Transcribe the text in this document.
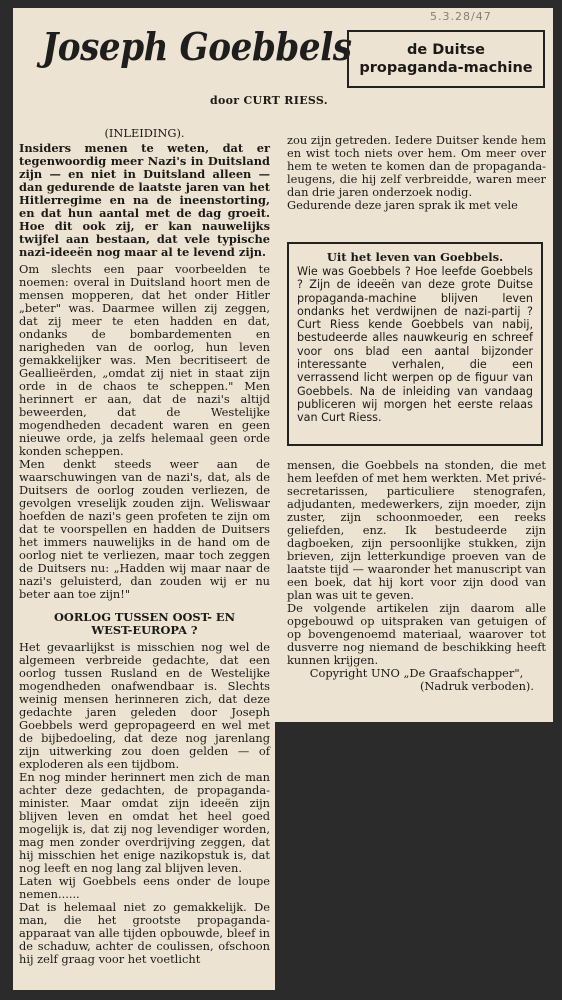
5.3.28/47
Joseph Goebbels	de Duitse
propaganda-machine
door CURT RIESS.

(INLEIDING).

Insiders menen te weten, dat er tegenwoordig meer Nazi's in Duitsland zijn — en niet in Duitsland alleen — dan gedurende de laatste jaren van het Hitlerregime en na de ineenstorting, en dat hun aantal met de dag groeit. Hoe dit ook zij, er kan nauwelijks twijfel aan bestaan, dat vele typische nazi-ideeën nog maar al te levend zijn.

Om slechts een paar voorbeelden te noemen: overal in Duitsland hoort men de mensen mopperen, dat het onder Hitler „beter" was. Daarmee willen zij zeggen, dat zij meer te eten hadden en dat, ondanks de bombardementen en narigheden van de oorlog, hun leven gemakkelijker was. Men becritiseert de Geallieërden, „omdat zij niet in staat zijn orde in de chaos te scheppen." Men herinnert er aan, dat de nazi's altijd beweerden, dat de Westelijke mogendheden decadent waren en geen nieuwe orde, ja zelfs helemaal geen orde konden scheppen.

Men denkt steeds weer aan de waarschuwingen van de nazi's, dat, als de Duitsers de oorlog zouden verliezen, de gevolgen vreselijk zouden zijn. Weliswaar hoefden de nazi's geen profeten te zijn om dat te voorspellen en hadden de Duitsers het immers nauwelijks in de hand om de oorlog niet te verliezen, maar toch zeggen de Duitsers nu: „Hadden wij maar naar de nazi's geluisterd, dan zouden wij er nu beter aan toe zijn!"

OORLOG TUSSEN OOST- EN
WEST-EUROPA ?

Het gevaarlijkst is misschien nog wel de algemeen verbreide gedachte, dat een oorlog tussen Rusland en de Westelijke mogendheden onafwendbaar is. Slechts weinig mensen herinneren zich, dat deze gedachte jaren geleden door Joseph Goebbels werd gepropageerd en wel met de bijbedoeling, dat deze nog jarenlang zijn uitwerking zou doen gelden — of exploderen als een tijdbom.

En nog minder herinnert men zich de man achter deze gedachten, de propaganda-minister. Maar omdat zijn ideeën zijn blijven leven en omdat het heel goed mogelijk is, dat zij nog levendiger worden, mag men zonder overdrijving zeggen, dat hij misschien het enige nazikopstuk is, dat nog leeft en nog lang zal blijven leven.

Laten wij Goebbels eens onder de loupe nemen......

Dat is helemaal niet zo gemakkelijk. De man, die het grootste propaganda-apparaat van alle tijden opbouwde, bleef in de schaduw, achter de coulissen, ofschoon hij zelf graag voor het voetlicht

zou zijn getreden. Iedere Duitser kende hem en wist toch niets over hem. Om meer over hem te weten te komen dan de propaganda-leugens, die hij zelf verbreidde, waren meer dan drie jaren onderzoek nodig.

Gedurende deze jaren sprak ik met vele

Uit het leven van Goebbels.

Wie was Goebbels ? Hoe leefde Goebbels ? Zijn de ideeën van deze grote Duitse propaganda-machine blijven leven ondanks het verdwijnen de nazi-partij ? Curt Riess kende Goebbels van nabij, bestudeerde alles nauwkeurig en schreef voor ons blad een aantal bijzonder interessante verhalen, die een verrassend licht werpen op de figuur van Goebbels. Na de inleiding van vandaag publiceren wij morgen het eerste relaas van Curt Riess.

mensen, die Goebbels na stonden, die met hem leefden of met hem werkten. Met privé-secretarissen, particuliere stenografen, adjudanten, medewerkers, zijn moeder, zijn zuster, zijn schoonmoeder, een reeks geliefden, enz. Ik bestudeerde zijn dagboeken, zijn persoonlijke stukken, zijn brieven, zijn letterkundige proeven van de laatste tijd — waaronder het manuscript van een boek, dat hij kort voor zijn dood van plan was uit te geven.

De volgende artikelen zijn daarom alle opgebouwd op uitspraken van getuigen of op bovengenoemd materiaal, waarover tot dusverre nog niemand de beschikking heeft kunnen krijgen.

Copyright UNO „De Graafschapper",

(Nadruk verboden).
